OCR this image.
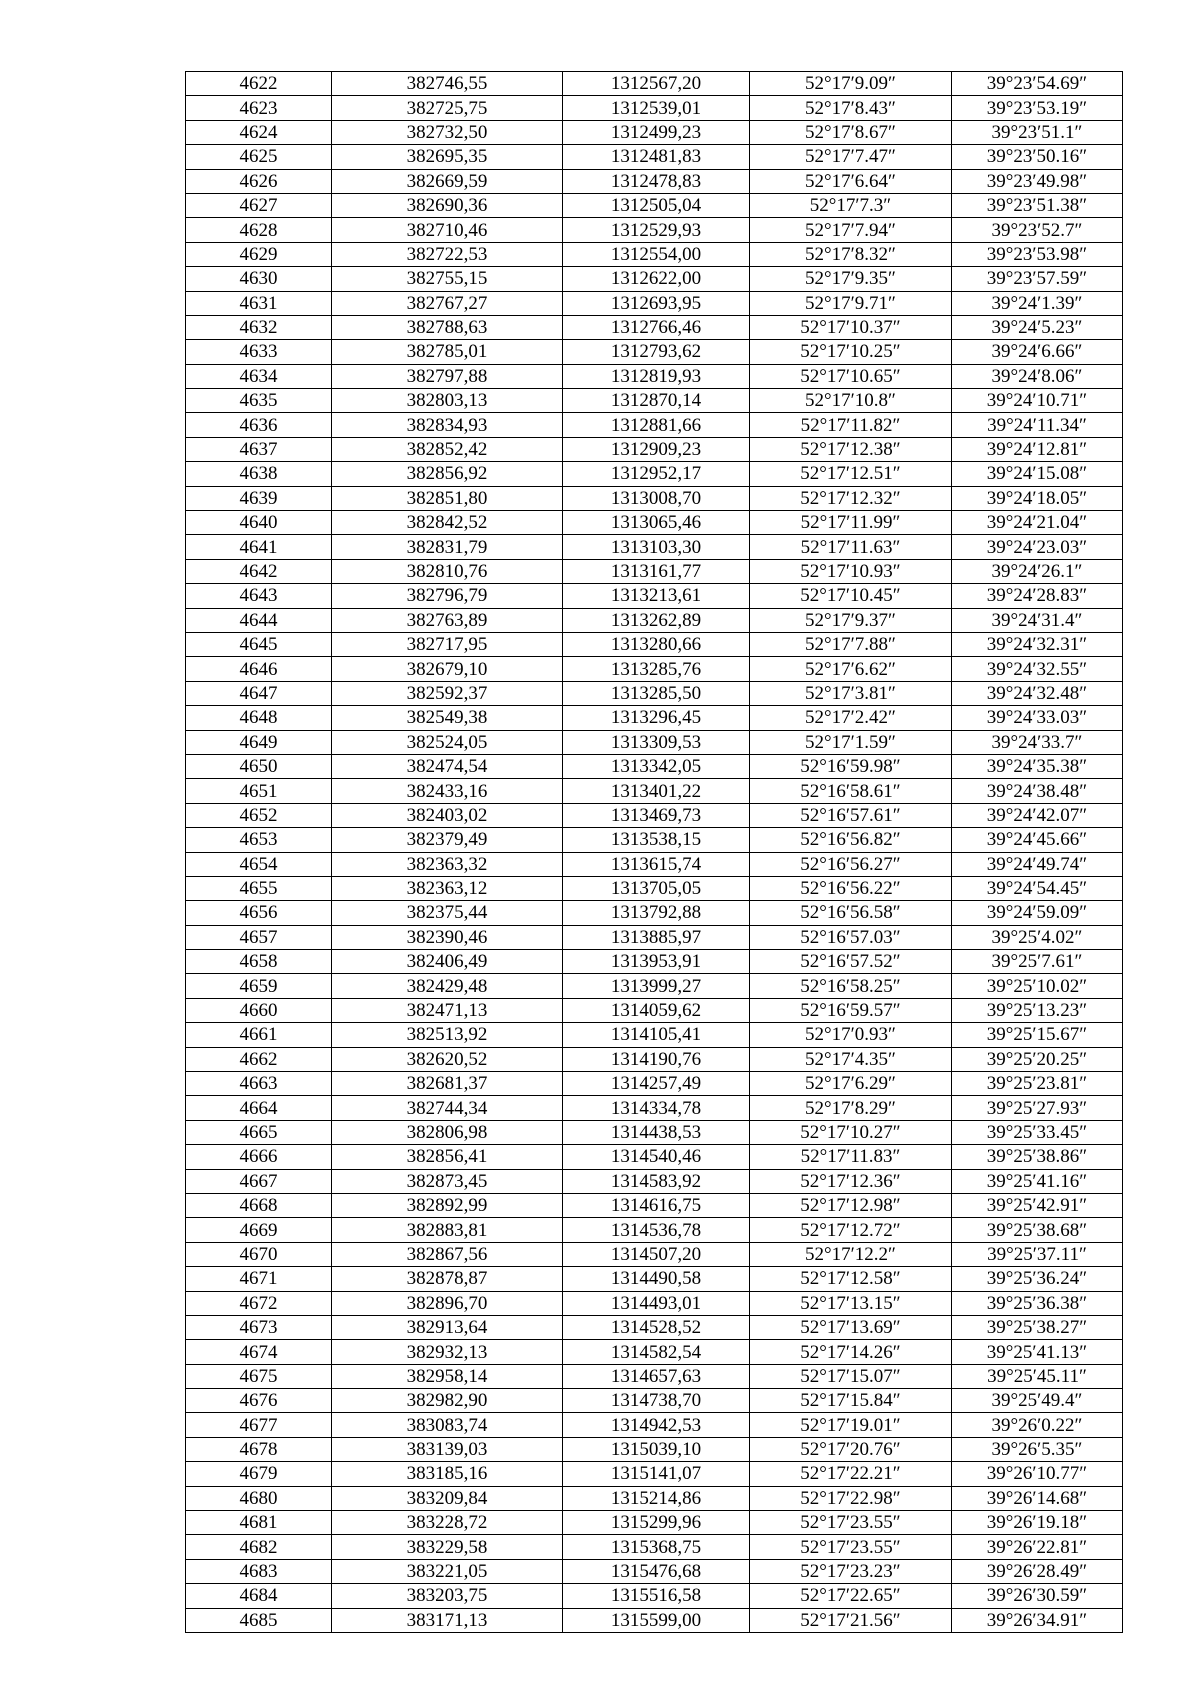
4622	382746,55	1312567,20	52°17′9.09″	39°23′54.69″
4623	382725,75	1312539,01	52°17′8.43″	39°23′53.19″
4624	382732,50	1312499,23	52°17′8.67″	39°23′51.1″
4625	382695,35	1312481,83	52°17′7.47″	39°23′50.16″
4626	382669,59	1312478,83	52°17′6.64″	39°23′49.98″
4627	382690,36	1312505,04	52°17′7.3″	39°23′51.38″
4628	382710,46	1312529,93	52°17′7.94″	39°23′52.7″
4629	382722,53	1312554,00	52°17′8.32″	39°23′53.98″
4630	382755,15	1312622,00	52°17′9.35″	39°23′57.59″
4631	382767,27	1312693,95	52°17′9.71″	39°24′1.39″
4632	382788,63	1312766,46	52°17′10.37″	39°24′5.23″
4633	382785,01	1312793,62	52°17′10.25″	39°24′6.66″
4634	382797,88	1312819,93	52°17′10.65″	39°24′8.06″
4635	382803,13	1312870,14	52°17′10.8″	39°24′10.71″
4636	382834,93	1312881,66	52°17′11.82″	39°24′11.34″
4637	382852,42	1312909,23	52°17′12.38″	39°24′12.81″
4638	382856,92	1312952,17	52°17′12.51″	39°24′15.08″
4639	382851,80	1313008,70	52°17′12.32″	39°24′18.05″
4640	382842,52	1313065,46	52°17′11.99″	39°24′21.04″
4641	382831,79	1313103,30	52°17′11.63″	39°24′23.03″
4642	382810,76	1313161,77	52°17′10.93″	39°24′26.1″
4643	382796,79	1313213,61	52°17′10.45″	39°24′28.83″
4644	382763,89	1313262,89	52°17′9.37″	39°24′31.4″
4645	382717,95	1313280,66	52°17′7.88″	39°24′32.31″
4646	382679,10	1313285,76	52°17′6.62″	39°24′32.55″
4647	382592,37	1313285,50	52°17′3.81″	39°24′32.48″
4648	382549,38	1313296,45	52°17′2.42″	39°24′33.03″
4649	382524,05	1313309,53	52°17′1.59″	39°24′33.7″
4650	382474,54	1313342,05	52°16′59.98″	39°24′35.38″
4651	382433,16	1313401,22	52°16′58.61″	39°24′38.48″
4652	382403,02	1313469,73	52°16′57.61″	39°24′42.07″
4653	382379,49	1313538,15	52°16′56.82″	39°24′45.66″
4654	382363,32	1313615,74	52°16′56.27″	39°24′49.74″
4655	382363,12	1313705,05	52°16′56.22″	39°24′54.45″
4656	382375,44	1313792,88	52°16′56.58″	39°24′59.09″
4657	382390,46	1313885,97	52°16′57.03″	39°25′4.02″
4658	382406,49	1313953,91	52°16′57.52″	39°25′7.61″
4659	382429,48	1313999,27	52°16′58.25″	39°25′10.02″
4660	382471,13	1314059,62	52°16′59.57″	39°25′13.23″
4661	382513,92	1314105,41	52°17′0.93″	39°25′15.67″
4662	382620,52	1314190,76	52°17′4.35″	39°25′20.25″
4663	382681,37	1314257,49	52°17′6.29″	39°25′23.81″
4664	382744,34	1314334,78	52°17′8.29″	39°25′27.93″
4665	382806,98	1314438,53	52°17′10.27″	39°25′33.45″
4666	382856,41	1314540,46	52°17′11.83″	39°25′38.86″
4667	382873,45	1314583,92	52°17′12.36″	39°25′41.16″
4668	382892,99	1314616,75	52°17′12.98″	39°25′42.91″
4669	382883,81	1314536,78	52°17′12.72″	39°25′38.68″
4670	382867,56	1314507,20	52°17′12.2″	39°25′37.11″
4671	382878,87	1314490,58	52°17′12.58″	39°25′36.24″
4672	382896,70	1314493,01	52°17′13.15″	39°25′36.38″
4673	382913,64	1314528,52	52°17′13.69″	39°25′38.27″
4674	382932,13	1314582,54	52°17′14.26″	39°25′41.13″
4675	382958,14	1314657,63	52°17′15.07″	39°25′45.11″
4676	382982,90	1314738,70	52°17′15.84″	39°25′49.4″
4677	383083,74	1314942,53	52°17′19.01″	39°26′0.22″
4678	383139,03	1315039,10	52°17′20.76″	39°26′5.35″
4679	383185,16	1315141,07	52°17′22.21″	39°26′10.77″
4680	383209,84	1315214,86	52°17′22.98″	39°26′14.68″
4681	383228,72	1315299,96	52°17′23.55″	39°26′19.18″
4682	383229,58	1315368,75	52°17′23.55″	39°26′22.81″
4683	383221,05	1315476,68	52°17′23.23″	39°26′28.49″
4684	383203,75	1315516,58	52°17′22.65″	39°26′30.59″
4685	383171,13	1315599,00	52°17′21.56″	39°26′34.91″
